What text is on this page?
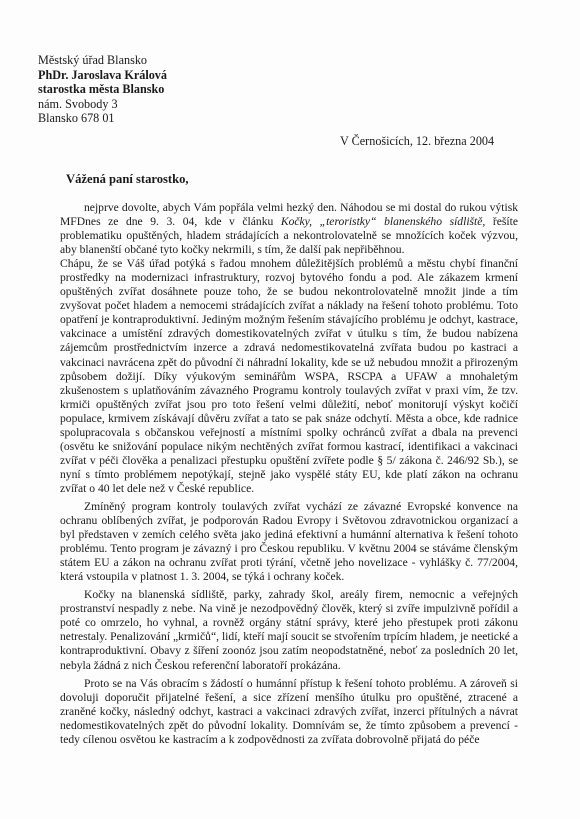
Městský úřad Blansko
PhDr. Jaroslava Králová
starostka města Blansko
nám. Svobody 3
Blansko 678 01
V Černošicích, 12. března 2004
Vážená paní starostko,

nejprve dovolte, abych Vám popřála velmi hezký den. Náhodou se mi dostal do rukou výtisk MFDnes ze dne 9. 3. 04, kde v článku Kočky, „teroristky“ blanenského sídliště, řešíte problematiku opuštěných, hladem strádajících a nekontrolovatelně se množících koček výzvou, aby blanenští občané tyto kočky nekrmili, s tím, že další pak nepřiběhnou.

Chápu, že se Váš úřad potýká s řadou mnohem důležitějších problémů a městu chybí finanční prostředky na modernizaci infrastruktury, rozvoj bytového fondu a pod. Ale zákazem krmení opuštěných zvířat dosáhnete pouze toho, že se budou nekontrolovatelně množit jinde a tím zvyšovat počet hladem a nemocemi strádajících zvířat a náklady na řešení tohoto problému. Toto opatření je kontraproduktivní. Jediným možným řešením stávajícího problému je odchyt, kastrace, vakcinace a umístění zdravých domestikovatelných zvířat v útulku s tím, že budou nabízena zájemcům prostřednictvím inzerce a zdravá nedomestikovatelná zvířata budou po kastraci a vakcinaci navrácena zpět do původní či náhradní lokality, kde se už nebudou množit a přirozeným způsobem dožijí. Díky výukovým seminářům WSPA, RSCPA a UFAW a mnohaletým zkušenostem s uplatňováním závazného Programu kontroly toulavých zvířat v praxi vím, že tzv. krmiči opuštěných zvířat jsou pro toto řešení velmi důležití, neboť monitorují výskyt kočičí populace, krmivem získávají důvěru zvířat a tato se pak snáze odchytí. Města a obce, kde radnice spolupracovala s občanskou veřejností a místními spolky ochránců zvířat a dbala na prevenci (osvětu ke snižování populace nikým nechtěných zvířat formou kastrací, identifikaci a vakcinaci zvířat v péči člověka a penalizaci přestupku opuštění zvířete podle § 5/ zákona č. 246/92 Sb.), se nyní s tímto problémem nepotýkají, stejně jako vyspělé státy EU, kde platí zákon na ochranu zvířat o 40 let dele než v České republice.

Zmíněný program kontroly toulavých zvířat vychází ze závazné Evropské konvence na ochranu oblíbených zvířat, je podporován Radou Evropy i Světovou zdravotnickou organizací a byl představen v zemích celého světa jako jediná efektivní a humánní alternativa k řešení tohoto problému. Tento program je závazný i pro Českou republiku. V květnu 2004 se stáváme členským státem EU a zákon na ochranu zvířat proti týrání, včetně jeho novelizace - vyhlášky č. 77/2004, která vstoupila v platnost 1. 3. 2004, se týká i ochrany koček.

Kočky na blanenská sídliště, parky, zahrady škol, areály firem, nemocnic a veřejných prostranství nespadly z nebe. Na vině je nezodpovědný člověk, který si zvíře impulzivně pořídil a poté co omrzelo, ho vyhnal, a rovněž orgány státní správy, které jeho přestupek proti zákonu netrestaly. Penalizování „krmičů“, lidí, kteří mají soucit se stvořením trpícím hladem, je neetické a kontraproduktivní. Obavy z šíření zoonóz jsou zatím neopodstatněné, neboť za posledních 20 let, nebyla žádná z nich Českou referenční laboratoří prokázána.

Proto se na Vás obracím s žádostí o humánní přístup k řešení tohoto problému. A zároveň si dovoluji doporučit přijatelné řešení, a sice zřízení menšího útulku pro opuštěné, ztracené a zraněné kočky, následný odchyt, kastraci a vakcinaci zdravých zvířat, inzerci přítulných a návrat nedomestikovatelných zpět do původní lokality. Domnívám se, že tímto způsobem a prevencí - tedy cílenou osvětou ke kastracím a k zodpovědnosti za zvířata dobrovolně přijatá do péče
